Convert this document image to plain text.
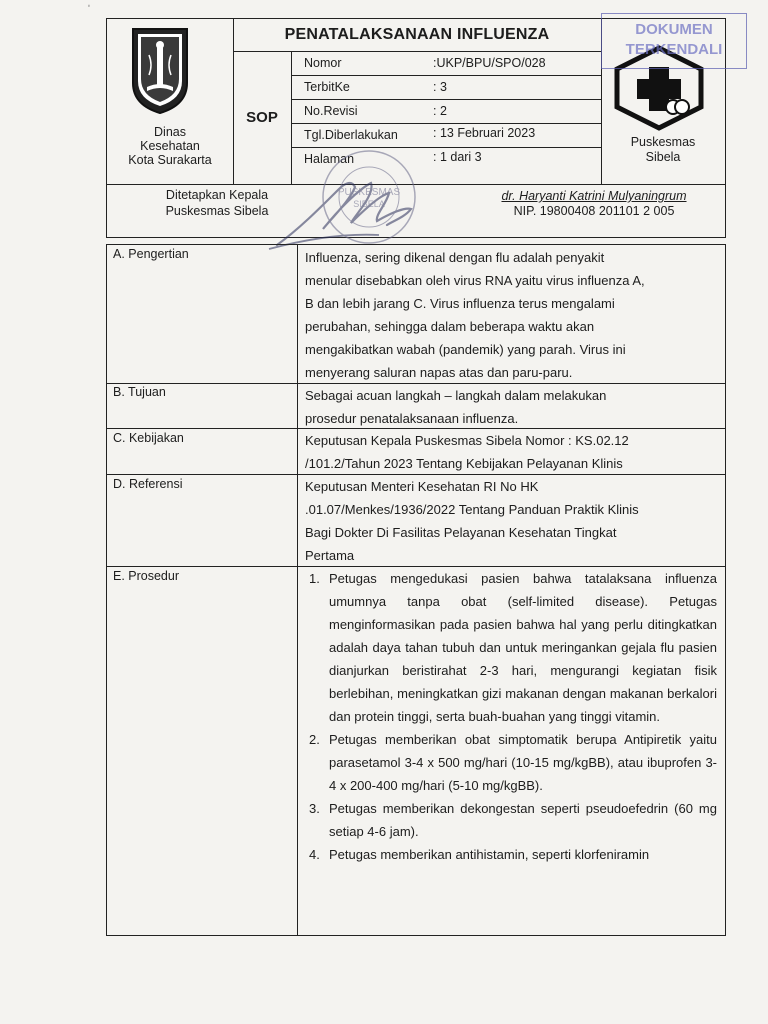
ʹ
Dinas
Kesehatan
Kota Surakarta
PENATALAKSANAAN INFLUENZA
SOP
Nomor	:UKP/BPU/SPO/028
TerbitKe	: 3
No.Revisi	: 2
Tgl.Diberlakukan	: 13 Februari 2023
Halaman	: 1 dari 3
DOKUMEN
TERKENDALI
Puskesmas
Sibela
Ditetapkan Kepala
Puskesmas Sibela
PUSKESMAS
SIBELA
dr. Haryanti Katrini Mulyaningrum
NIP. 19800408 201101 2 005
A. Pengertian	Influenza, sering dikenal dengan flu adalah penyakit
menular disebabkan oleh virus RNA yaitu virus influenza A,
B dan lebih jarang C. Virus influenza terus mengalami
perubahan, sehingga dalam beberapa waktu akan
mengakibatkan wabah (pandemik) yang parah. Virus ini
menyerang saluran napas atas dan paru-paru.
B. Tujuan	Sebagai acuan langkah – langkah dalam melakukan
prosedur penatalaksanaan influenza.
C. Kebijakan	Keputusan Kepala Puskesmas Sibela Nomor : KS.02.12
/101.2/Tahun 2023 Tentang Kebijakan Pelayanan Klinis
D. Referensi	Keputusan Menteri Kesehatan RI No HK
.01.07/Menkes/1936/2022 Tentang Panduan Praktik Klinis
Bagi Dokter Di Fasilitas Pelayanan Kesehatan Tingkat
Pertama
E. Prosedur	1. Petugas mengedukasi pasien bahwa tatalaksana influenza umumnya tanpa obat (self-limited disease). Petugas menginformasikan pada pasien bahwa hal yang perlu ditingkatkan adalah daya tahan tubuh dan untuk meringankan gejala flu pasien dianjurkan beristirahat 2-3 hari, mengurangi kegiatan fisik berlebihan, meningkatkan gizi makanan dengan makanan berkalori dan protein tinggi, serta buah-buahan yang tinggi vitamin.
2. Petugas memberikan obat simptomatik berupa Antipiretik yaitu parasetamol 3-4 x 500 mg/hari (10-15 mg/kgBB), atau ibuprofen 3-4 x 200-400 mg/hari (5-10 mg/kgBB).
3. Petugas memberikan dekongestan seperti pseudoefedrin (60 mg setiap 4-6 jam).
4. Petugas memberikan antihistamin, seperti klorfeniramin
